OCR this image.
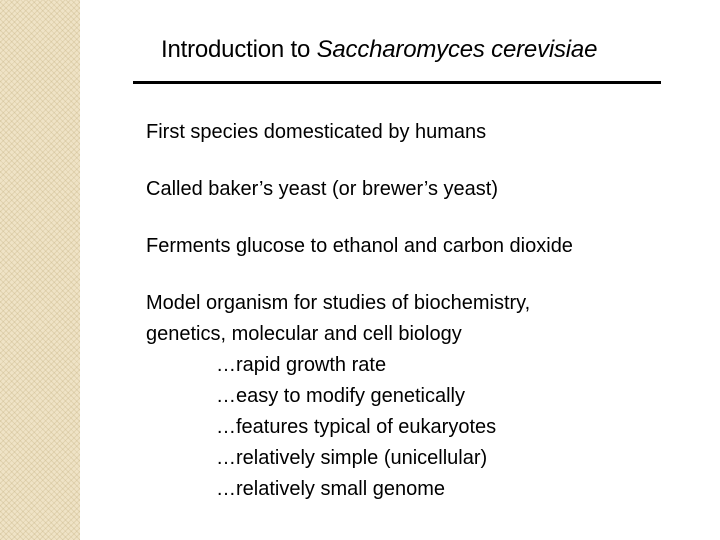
Introduction to Saccharomyces cerevisiae
First species domesticated by humans
Called baker’s yeast (or brewer’s yeast)
Ferments glucose to ethanol and carbon dioxide
Model organism for studies of biochemistry,
genetics, molecular and cell biology
…rapid growth rate
…easy to modify genetically
…features typical of eukaryotes
…relatively simple (unicellular)
…relatively small genome
